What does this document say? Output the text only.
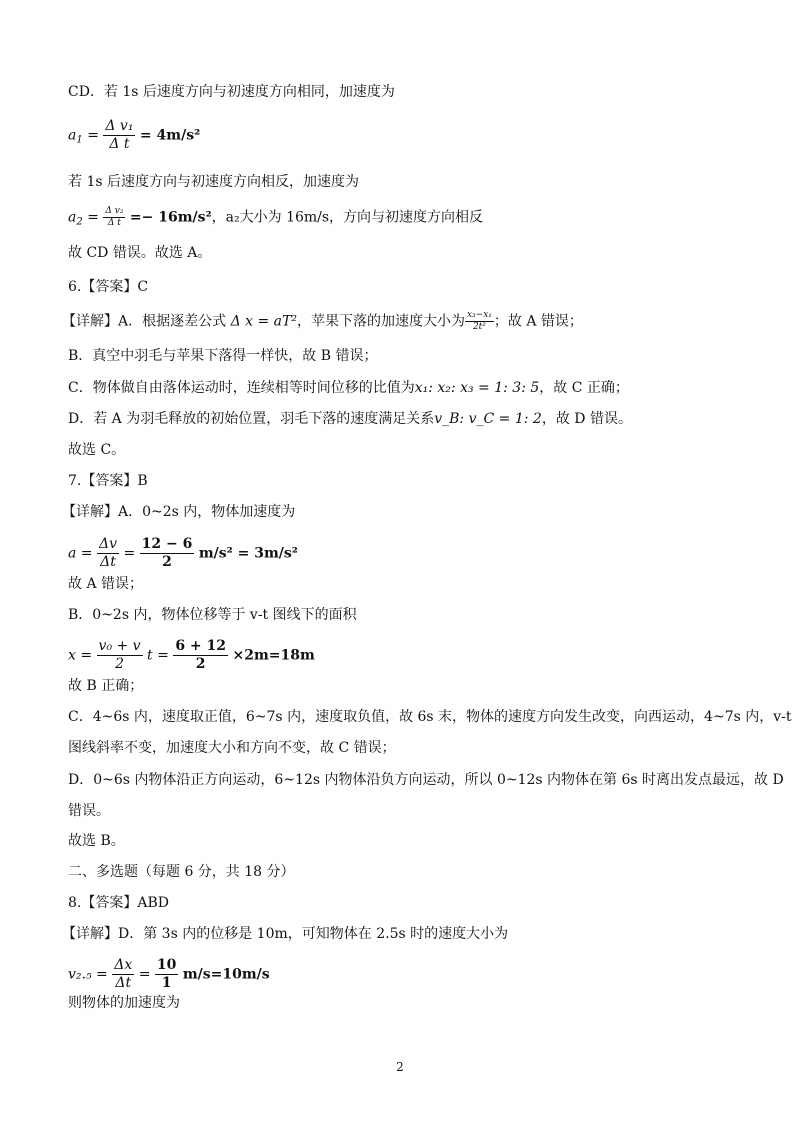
CD．若 1s 后速度方向与初速度方向相同，加速度为
$a_1 = \frac{\text{Δ v₁}}{\text{Δ t}} = 4m/s^2$
若 1s 后速度方向与初速度方向相反，加速度为
$a_2 = \frac{\text{Δ v₂}}{\text{Δ t}} =- 16m/s^2$，a₂大小为 16m/s，方向与初速度方向相反
故 CD 错误。故选 A。
6.【答案】C
【详解】A．根据逐差公式 Δ x = aT²，苹果下落的加速度大小为 $\frac{\text{x₃−x₁}}{\text{2t²}}$ ；故 A 错误；
B．真空中羽毛与苹果下落得一样快，故 B 错误；
C．物体做自由落体运动时，连续相等时间位移的比值为x₁: x₂: x₃ = 1: 3: 5，故 C 正确；
D．若 A 为羽毛释放的初始位置，羽毛下落的速度满足关系v_B: v_C = 1: 2，故 D 错误。
故选 C。
7.【答案】B
【详解】A．0~2s 内，物体加速度为
$a = \frac{\Delta v}{\Delta t} = \frac{12 - 6}{2} m/s^2 = 3m/s^2$
故 A 错误；
B．0~2s 内，物体位移等于 v-t 图线下的面积
$x = \frac{\text{v₀ + v}}{2}$ $t = \frac{6 + 12}{2} \times 2m=18m$
故 B 正确；
C．4~6s 内，速度取正值，6~7s 内，速度取负值，故 6s 末，物体的速度方向发生改变，向西运动，4~7s 内，v-t
图线斜率不变，加速度大小和方向不变，故 C 错误；
D．0~6s 内物体沿正方向运动，6~12s 内物体沿负方向运动，所以 0~12s 内物体在第 6s 时离出发点最远，故 D
错误。
故选 B。
二、多选题（每题 6 分，共 18 分）
8.【答案】ABD
【详解】D．第 3s 内的位移是 10m，可知物体在 2.5s 时的速度大小为
$v_2._5 = \frac{\Delta x}{\Delta t} = \frac{10}{1} m/s=10m/s$
则物体的加速度为
2
